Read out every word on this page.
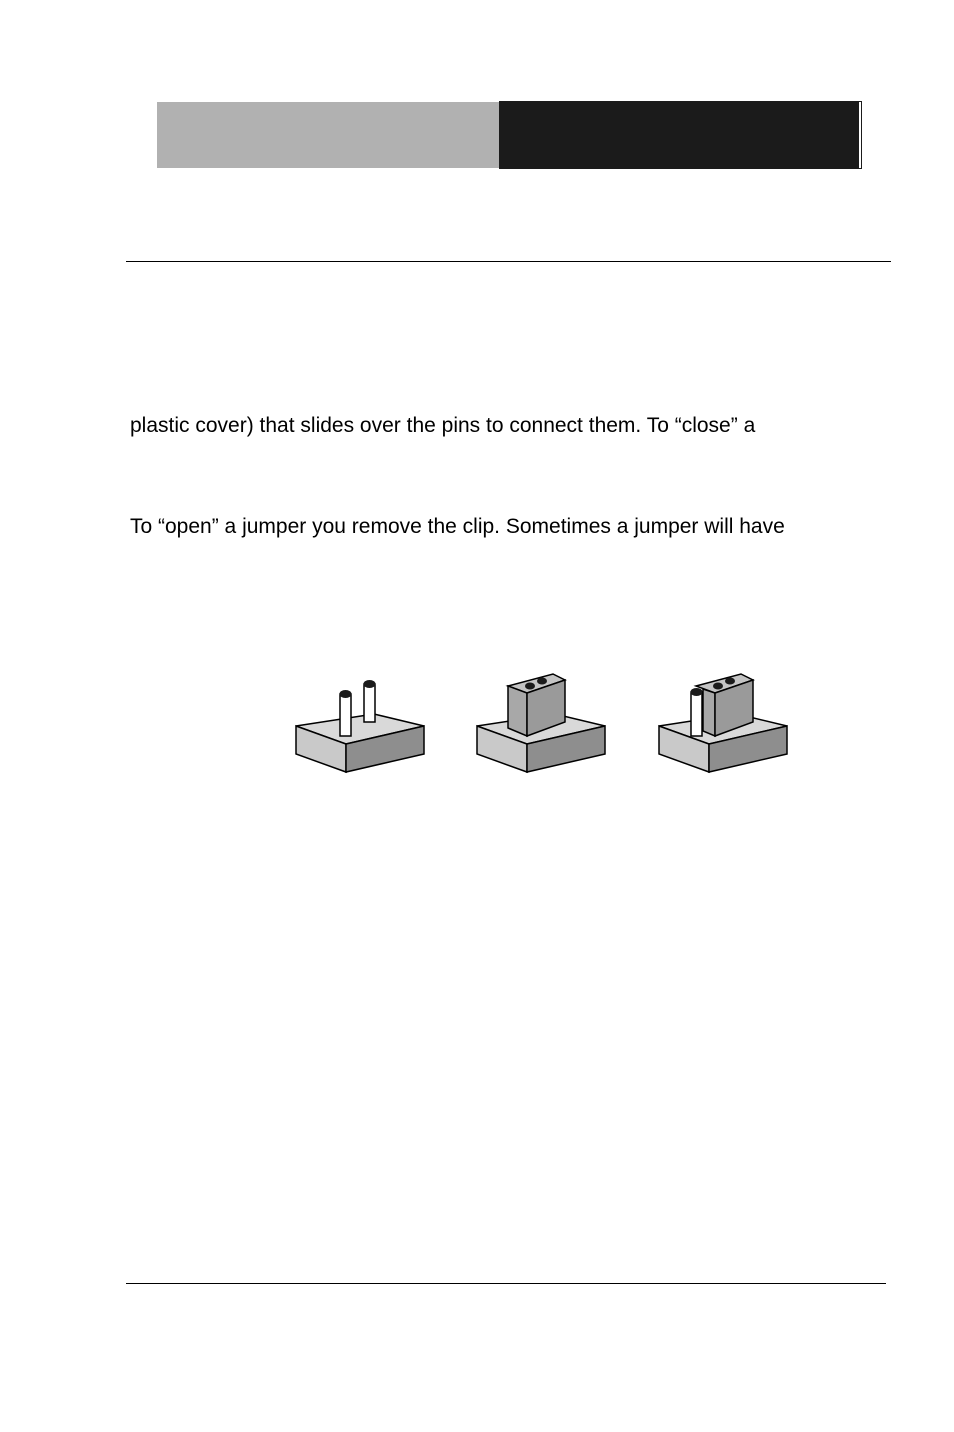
plastic cover) that slides over the pins to connect them. To “close” a
To “open” a jumper you remove the clip. Sometimes a jumper will have
